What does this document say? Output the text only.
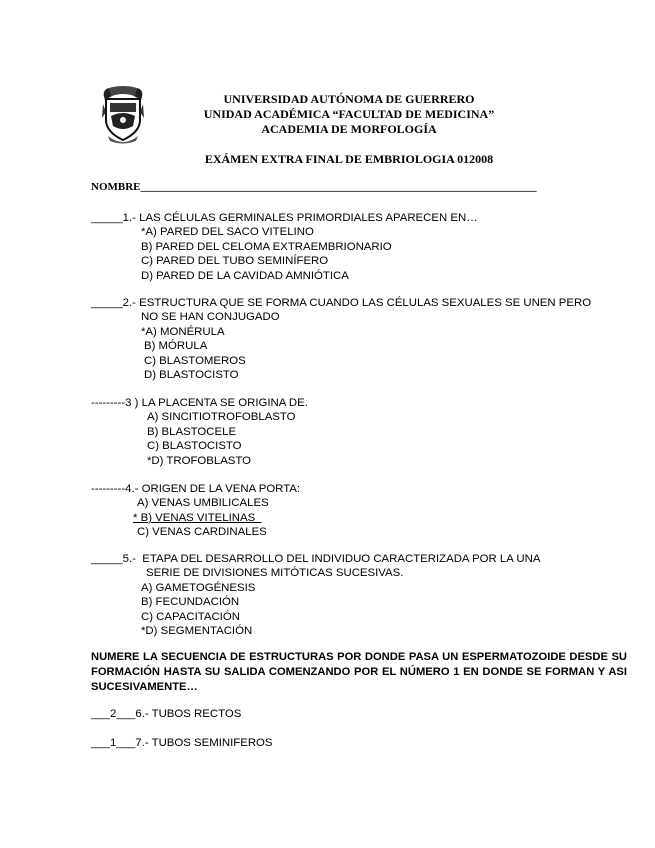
UNIVERSIDAD AUTÓNOMA DE GUERRERO
UNIDAD ACADÉMICA “FACULTAD DE MEDICINA”
ACADEMIA DE MORFOLOGÍA
EXÁMEN EXTRA FINAL DE EMBRIOLOGIA 012008
NOMBRE________________________________________________________________________
_____1.- LAS CÉLULAS GERMINALES PRIMORDIALES APARECEN EN…
*A) PARED DEL SACO VITELINO
B) PARED DEL CELOMA EXTRAEMBRIONARIO
C) PARED DEL TUBO SEMINÍFERO
D) PARED DE LA CAVIDAD AMNIÓTICA
_____2.- ESTRUCTURA QUE SE FORMA CUANDO LAS CÉLULAS SEXUALES SE UNEN PERO
NO SE HAN CONJUGADO
*A) MONÉRULA
B) MÓRULA
C) BLASTOMEROS
D) BLASTOCISTO
---------3 ) LA PLACENTA SE ORIGINA DE.
A) SINCITIOTROFOBLASTO
B) BLASTOCELE
C) BLASTOCISTO
*D) TROFOBLASTO
---------4.- ORIGEN DE LA VENA PORTA:
A) VENAS UMBILICALES
* B) VENAS VITELINAS
C) VENAS CARDINALES
_____5.-  ETAPA DEL DESARROLLO DEL INDIVIDUO CARACTERIZADA POR LA UNA
SERIE DE DIVISIONES MITÓTICAS SUCESIVAS.
A) GAMETOGÉNESIS
B) FECUNDACIÓN
C) CAPACITACIÓN
*D) SEGMENTACIÓN
NUMERE LA SECUENCIA DE ESTRUCTURAS POR DONDE PASA UN ESPERMATOZOIDE DESDE SU FORMACIÓN HASTA SU SALIDA COMENZANDO POR EL NÚMERO 1 EN DONDE SE FORMAN Y ASI SUCESIVAMENTE…
___2___6.- TUBOS RECTOS
___1___7.- TUBOS SEMINIFEROS
